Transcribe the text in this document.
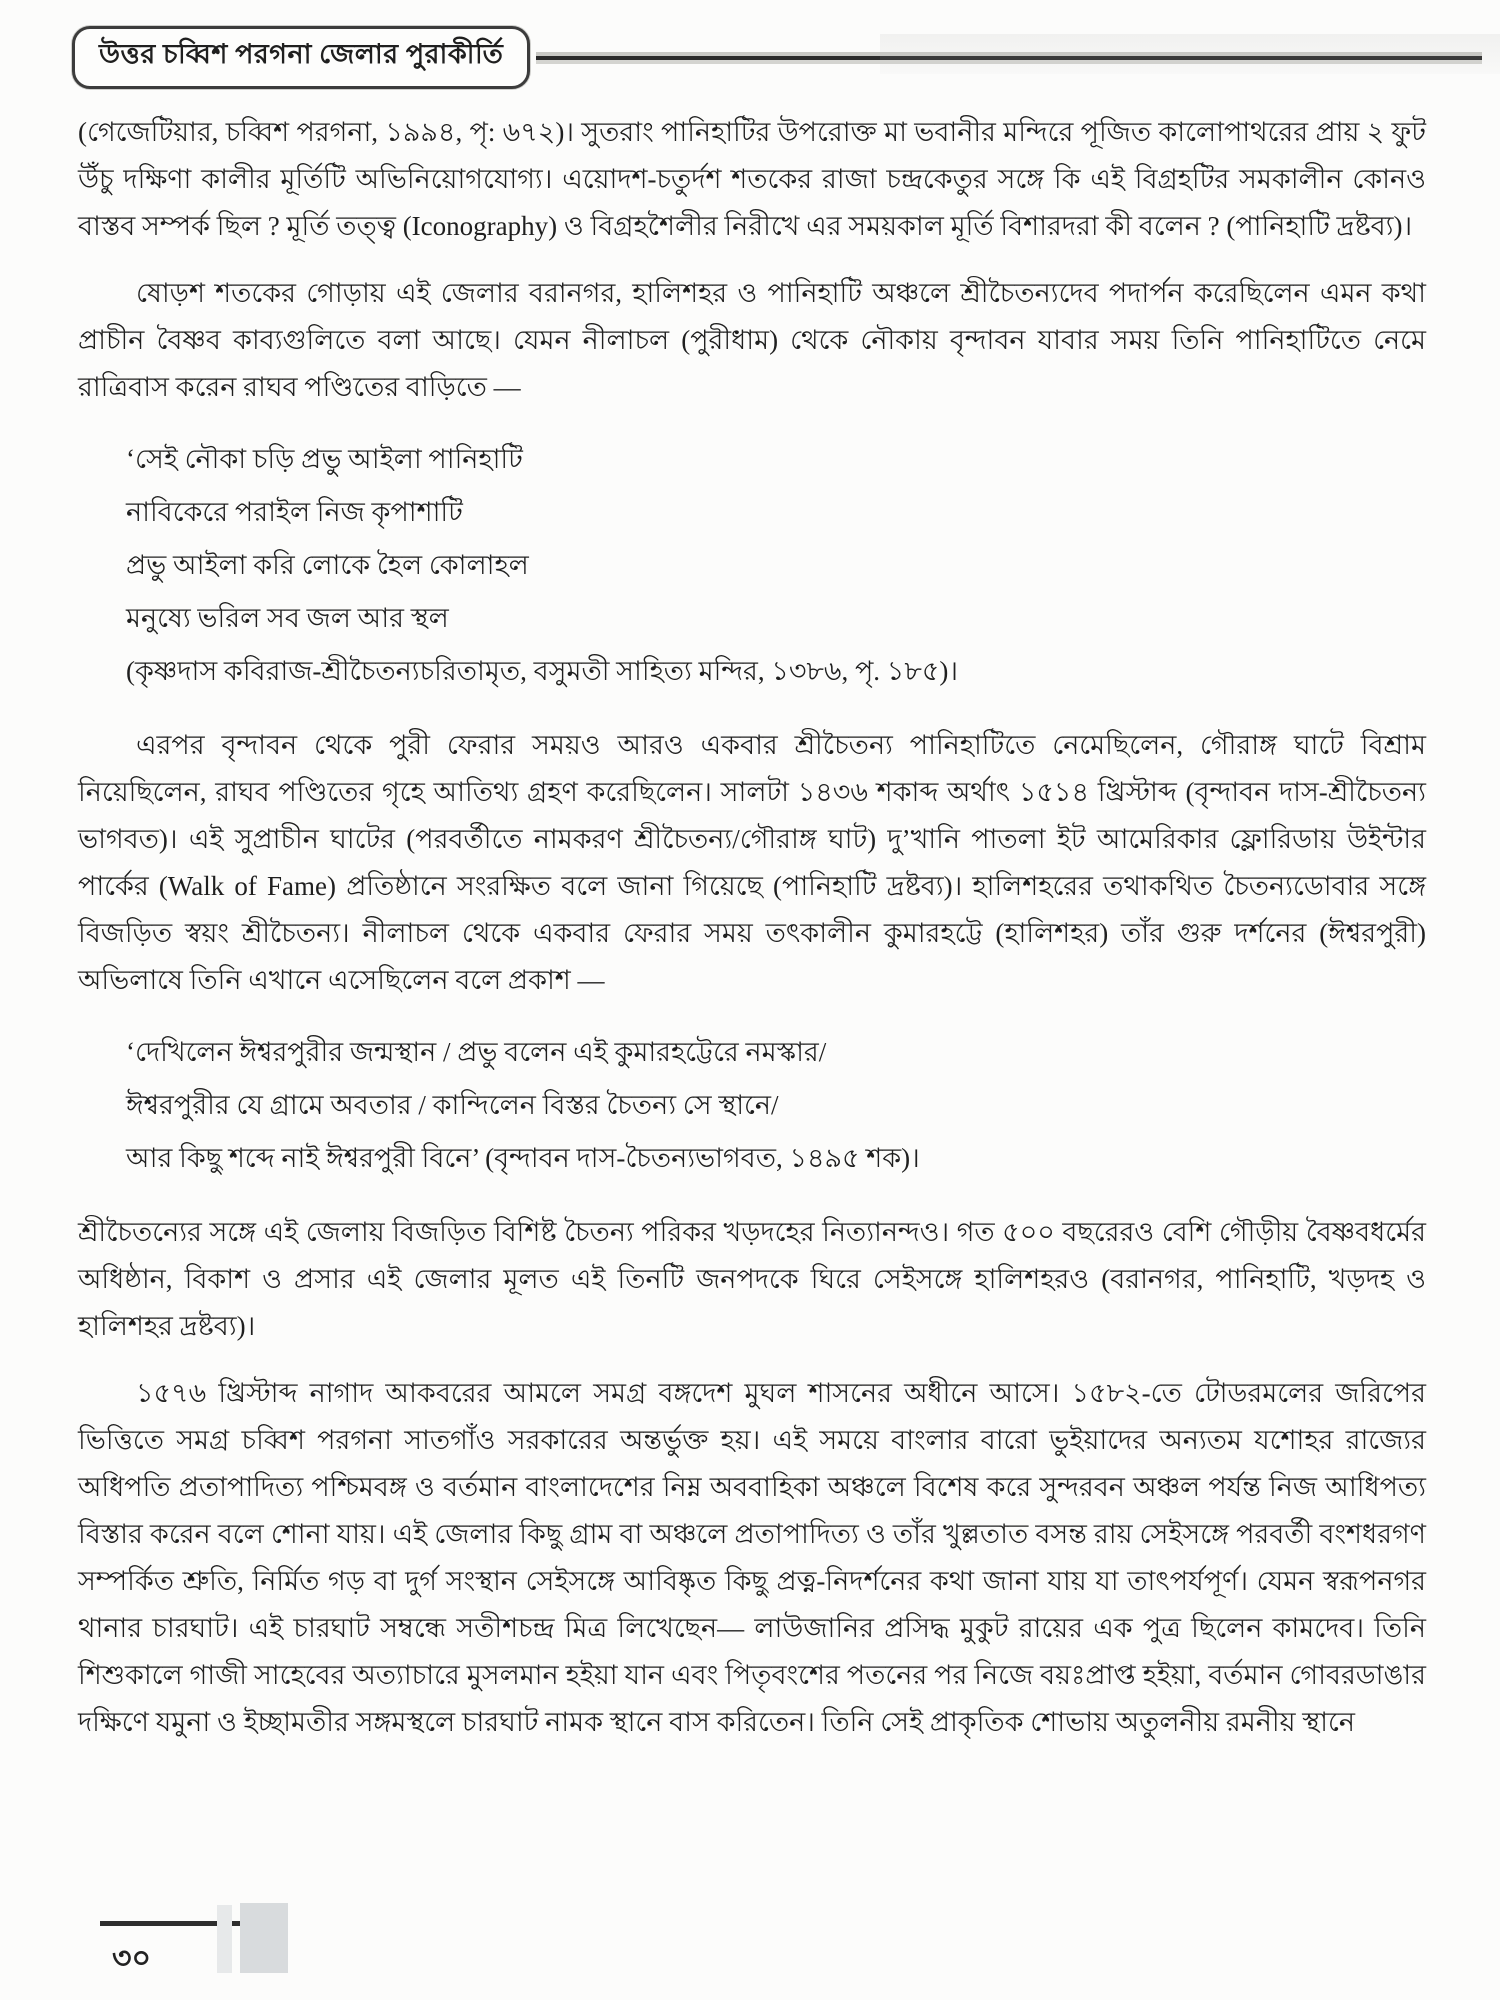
উত্তর চব্বিশ পরগনা জেলার পুরাকীর্তি

(গেজেটিয়ার, চব্বিশ পরগনা, ১৯৯৪, পৃ: ৬৭২)। সুতরাং পানিহাটির উপরোক্ত মা ভবানীর মন্দিরে পূজিত কালোপাথরের প্রায় ২ ফুট উঁচু দক্ষিণা কালীর মূর্তিটি অভিনিয়োগযোগ্য। এয়োদশ-চতুর্দশ শতকের রাজা চন্দ্রকেতুর সঙ্গে কি এই বিগ্রহটির সমকালীন কোনও বাস্তব সম্পর্ক ছিল ? মূর্তি তত্ত্ব (Iconography) ও বিগ্রহশৈলীর নিরীখে এর সময়কাল মূর্তি বিশারদরা কী বলেন ? (পানিহাটি দ্রষ্টব্য)।

ষোড়শ শতকের গোড়ায় এই জেলার বরানগর, হালিশহর ও পানিহাটি অঞ্চলে শ্রীচৈতন্যদেব পদার্পন করেছিলেন এমন কথা প্রাচীন বৈষ্ণব কাব্যগুলিতে বলা আছে। যেমন নীলাচল (পুরীধাম) থেকে নৌকায় বৃন্দাবন যাবার সময় তিনি পানিহাটিতে নেমে রাত্রিবাস করেন রাঘব পণ্ডিতের বাড়িতে —

‘সেই নৌকা চড়ি প্রভু আইলা পানিহাটি
নাবিকেরে পরাইল নিজ কৃপাশাটি
প্রভু আইলা করি লোকে হৈল কোলাহল
মনুষ্যে ভরিল সব জল আর স্থল
(কৃষ্ণদাস কবিরাজ-শ্রীচৈতন্যচরিতামৃত, বসুমতী সাহিত্য মন্দির, ১৩৮৬, পৃ. ১৮৫)।

এরপর বৃন্দাবন থেকে পুরী ফেরার সময়ও আরও একবার শ্রীচৈতন্য পানিহাটিতে নেমেছিলেন, গৌরাঙ্গ ঘাটে বিশ্রাম নিয়েছিলেন, রাঘব পণ্ডিতের গৃহে আতিথ্য গ্রহণ করেছিলেন। সালটা ১৪৩৬ শকাব্দ অর্থাৎ ১৫১৪ খ্রিস্টাব্দ (বৃন্দাবন দাস-শ্রীচৈতন্য ভাগবত)। এই সুপ্রাচীন ঘাটের (পরবর্তীতে নামকরণ শ্রীচৈতন্য/গৌরাঙ্গ ঘাট) দু’খানি পাতলা ইট আমেরিকার ফ্লোরিডায় উইন্টার পার্কের (Walk of Fame) প্রতিষ্ঠানে সংরক্ষিত বলে জানা গিয়েছে (পানিহাটি দ্রষ্টব্য)। হালিশহরের তথাকথিত চৈতন্যডোবার সঙ্গে বিজড়িত স্বয়ং শ্রীচৈতন্য। নীলাচল থেকে একবার ফেরার সময় তৎকালীন কুমারহট্টে (হালিশহর) তাঁর গুরু দর্শনের (ঈশ্বরপুরী) অভিলাষে তিনি এখানে এসেছিলেন বলে প্রকাশ —

‘দেখিলেন ঈশ্বরপুরীর জন্মস্থান / প্রভু বলেন এই কুমারহট্টেরে নমস্কার/
ঈশ্বরপুরীর যে গ্রামে অবতার / কান্দিলেন বিস্তর চৈতন্য সে স্থানে/
আর কিছু শব্দে নাই ঈশ্বরপুরী বিনে’ (বৃন্দাবন দাস-চৈতন্যভাগবত, ১৪৯৫ শক)।

শ্রীচৈতন্যের সঙ্গে এই জেলায় বিজড়িত বিশিষ্ট চৈতন্য পরিকর খড়দহের নিত্যানন্দও। গত ৫০০ বছরেরও বেশি গৌড়ীয় বৈষ্ণবধর্মের অধিষ্ঠান, বিকাশ ও প্রসার এই জেলার মূলত এই তিনটি জনপদকে ঘিরে সেইসঙ্গে হালিশহরও (বরানগর, পানিহাটি, খড়দহ ও হালিশহর দ্রষ্টব্য)।

১৫৭৬ খ্রিস্টাব্দ নাগাদ আকবরের আমলে সমগ্র বঙ্গদেশ মুঘল শাসনের অধীনে আসে। ১৫৮২-তে টোডরমলের জরিপের ভিত্তিতে সমগ্র চব্বিশ পরগনা সাতগাঁও সরকারের অন্তর্ভুক্ত হয়। এই সময়ে বাংলার বারো ভুইয়াদের অন্যতম যশোহর রাজ্যের অধিপতি প্রতাপাদিত্য পশ্চিমবঙ্গ ও বর্তমান বাংলাদেশের নিম্ন অববাহিকা অঞ্চলে বিশেষ করে সুন্দরবন অঞ্চল পর্যন্ত নিজ আধিপত্য বিস্তার করেন বলে শোনা যায়। এই জেলার কিছু গ্রাম বা অঞ্চলে প্রতাপাদিত্য ও তাঁর খুল্লতাত বসন্ত রায় সেইসঙ্গে পরবর্তী বংশধরগণ সম্পর্কিত শ্রুতি, নির্মিত গড় বা দুর্গ সংস্থান সেইসঙ্গে আবিষ্কৃত কিছু প্রত্ন-নিদর্শনের কথা জানা যায় যা তাৎপর্যপূর্ণ। যেমন স্বরূপনগর থানার চারঘাট। এই চারঘাট সম্বন্ধে সতীশচন্দ্র মিত্র লিখেছেন— লাউজানির প্রসিদ্ধ মুকুট রায়ের এক পুত্র ছিলেন কামদেব। তিনি শিশুকালে গাজী সাহেবের অত্যাচারে মুসলমান হইয়া যান এবং পিতৃবংশের পতনের পর নিজে বয়ঃপ্রাপ্ত হইয়া, বর্তমান গোবরডাঙার দক্ষিণে যমুনা ও ইচ্ছামতীর সঙ্গমস্থলে চারঘাট নামক স্থানে বাস করিতেন। তিনি সেই প্রাকৃতিক শোভায় অতুলনীয় রমনীয় স্থানে

৩০
